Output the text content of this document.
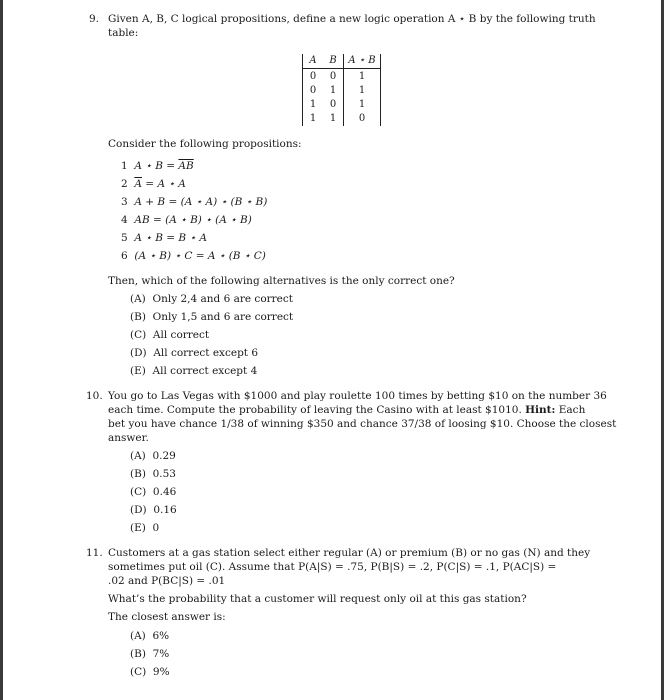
9. Given A, B, C logical propositions, define a new logic operation A ⋆ B by the following truth
table:
A	B	A ⋆ B
0	0	1
0	1	1
1	0	1
1	1	0
Consider the following propositions:
1 A ⋆ $B = \overline{AB}$
2 $\overline{A} = A$ ⋆ A
3 A + B = (A ⋆ A) ⋆ (B ⋆ B)
4 AB = (A ⋆ B) ⋆ (A ⋆ B)
5 A ⋆ B = B ⋆ A
6 (A ⋆ B) ⋆ C = A ⋆ (B ⋆ C)
Then, which of the following alternatives is the only correct one?
(A) Only 2,4 and 6 are correct
(B) Only 1,5 and 6 are correct
(C) All correct
(D) All correct except 6
(E) All correct except 4
10. You go to Las Vegas with $1000 and play roulette 100 times by betting $10 on the number 36
each time. Compute the probability of leaving the Casino with at least $1010. Hint: Each
bet you have chance 1/38 of winning $350 and chance 37/38 of loosing $10. Choose the closest
answer.
(A) 0.29
(B) 0.53
(C) 0.46
(D) 0.16
(E) 0
11. Customers at a gas station select either regular (A) or premium (B) or no gas (N) and they
sometimes put oil (C). Assume that P(A|S) = .75, P(B|S) = .2, P(C|S) = .1, P(AC|S) =
.02 and P(BC|S) = .01
What’s the probability that a customer will request only oil at this gas station?
The closest answer is:
(A) 6%
(B) 7%
(C) 9%
